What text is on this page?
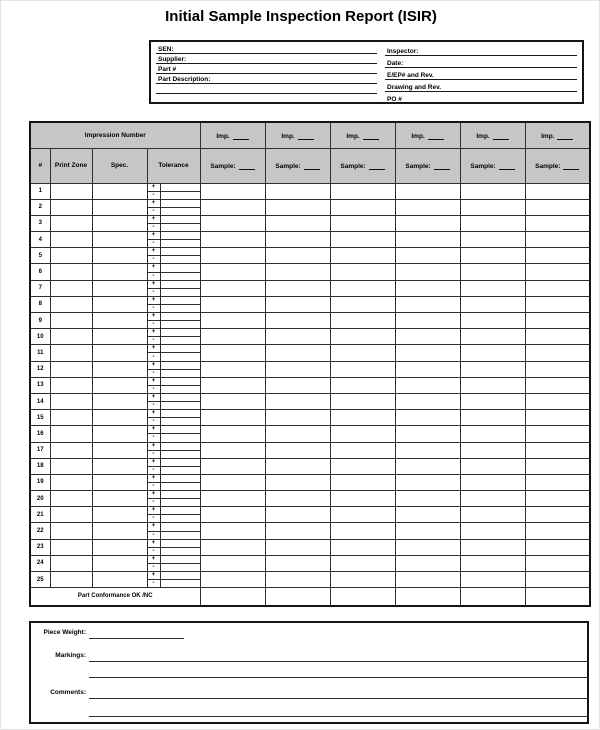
Initial Sample Inspection Report (ISIR)
SEN:
Supplier:
Part #
Part Description:
Inspector:
Date:
E/EP# and Rev.
Drawing and Rev.
PO #
Impression Number					Imp.	Imp.	Imp.	Imp.	Imp.	Imp.

#	Print Zone	Spec.	Tolerance		Sample:	Sample:	Sample:	Sample:	Sample:	Sample:

1			+							
			-							
2			+							
			-							
3			+							
			-							
4			+							
			-							
5			+							
			-							
6			+							
			-							
7			+							
			-							
8			+							
			-							
9			+							
			-							
10			+							
			-							
11			+							
			-							
12			+							
			-							
13			+							
			-							
14			+							
			-							
15			+							
			-							
16			+							
			-							
17			+							
			-							
18			+							
			-							
19			+							
			-							
20			+							
			-							
21			+							
			-							
22			+							
			-							
23			+							
			-							
24			+							
			-							
25			+							
			-							
Part Conformance OK /NC										
Piece Weight:
Markings:
Comments:
